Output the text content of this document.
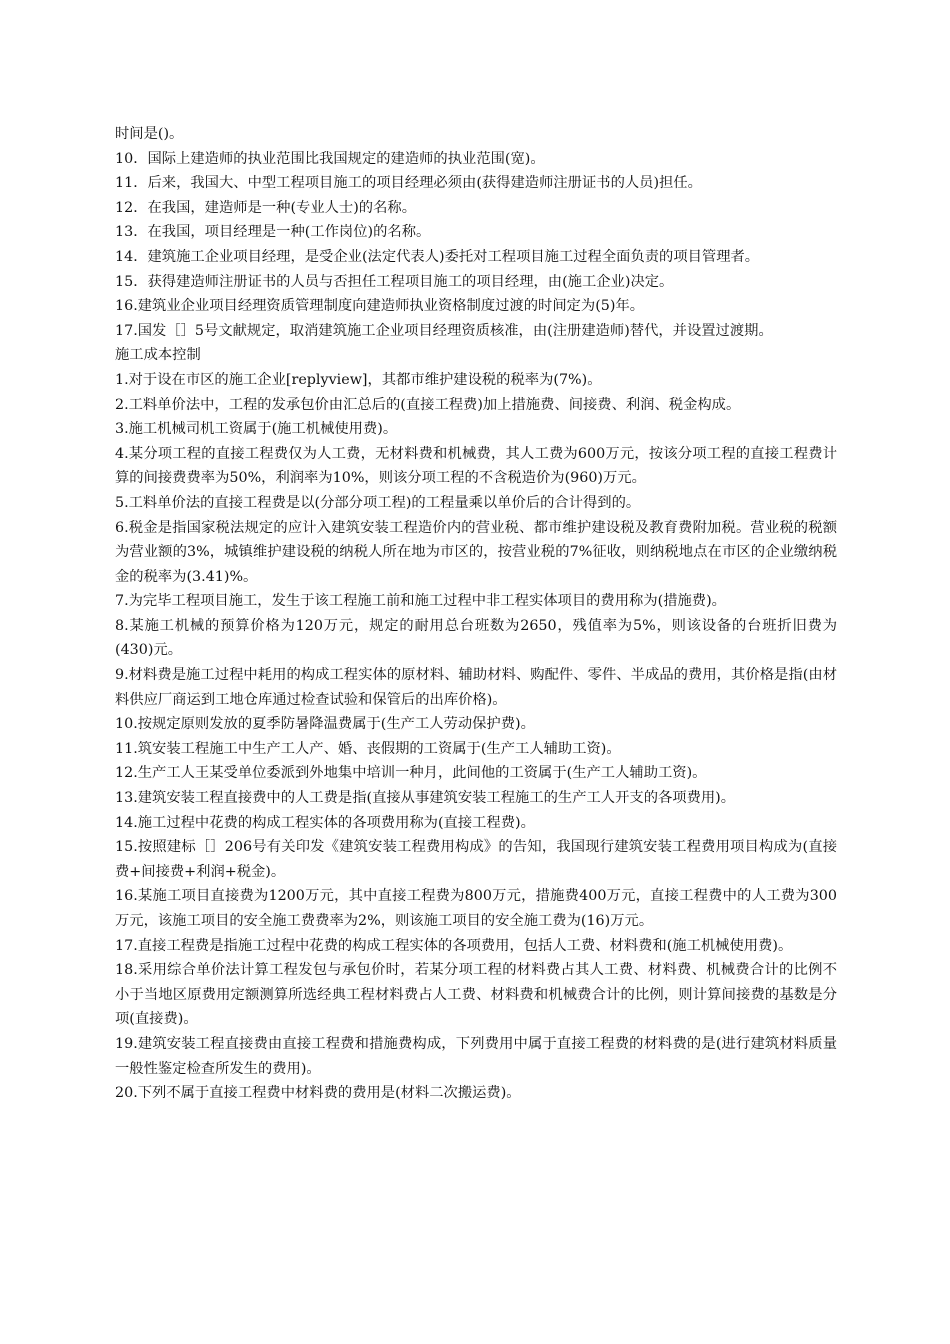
时间是()。

10．国际上建造师的执业范围比我国规定的建造师的执业范围(宽)。

11．后来，我国大、中型工程项目施工的项目经理必须由(获得建造师注册证书的人员)担任。

12．在我国，建造师是一种(专业人士)的名称。

13．在我国，项目经理是一种(工作岗位)的名称。

14．建筑施工企业项目经理，是受企业(法定代表人)委托对工程项目施工过程全面负责的项目管理者。

15．获得建造师注册证书的人员与否担任工程项目施工的项目经理，由(施工企业)决定。

16.建筑业企业项目经理资质管理制度向建造师执业资格制度过渡的时间定为(5)年。

17.国发［］5号文献规定，取消建筑施工企业项目经理资质核准，由(注册建造师)替代，并设置过渡期。

施工成本控制

1.对于设在市区的施工企业[replyview]，其都市维护建设税的税率为(7%)。

2.工料单价法中，工程的发承包价由汇总后的(直接工程费)加上措施费、间接费、利润、税金构成。

3.施工机械司机工资属于(施工机械使用费)。

4.某分项工程的直接工程费仅为人工费，无材料费和机械费，其人工费为600万元，按该分项工程的直接工程费计算的间接费费率为50%，利润率为10%，则该分项工程的不含税造价为(960)万元。

5.工料单价法的直接工程费是以(分部分项工程)的工程量乘以单价后的合计得到的。

6.税金是指国家税法规定的应计入建筑安装工程造价内的营业税、都市维护建设税及教育费附加税。营业税的税额为营业额的3%，城镇维护建设税的纳税人所在地为市区的，按营业税的7%征收，则纳税地点在市区的企业缴纳税金的税率为(3.41)%。

7.为完毕工程项目施工，发生于该工程施工前和施工过程中非工程实体项目的费用称为(措施费)。

8.某施工机械的预算价格为120万元，规定的耐用总台班数为2650，残值率为5%，则该设备的台班折旧费为(430)元。

9.材料费是施工过程中耗用的构成工程实体的原材料、辅助材料、购配件、零件、半成品的费用，其价格是指(由材料供应厂商运到工地仓库通过检查试验和保管后的出库价格)。

10.按规定原则发放的夏季防暑降温费属于(生产工人劳动保护费)。

11.筑安装工程施工中生产工人产、婚、丧假期的工资属于(生产工人辅助工资)。

12.生产工人王某受单位委派到外地集中培训一种月，此间他的工资属于(生产工人辅助工资)。

13.建筑安装工程直接费中的人工费是指(直接从事建筑安装工程施工的生产工人开支的各项费用)。

14.施工过程中花费的构成工程实体的各项费用称为(直接工程费)。

15.按照建标［］206号有关印发《建筑安装工程费用构成》的告知，我国现行建筑安装工程费用项目构成为(直接费+间接费+利润+税金)。

16.某施工项目直接费为1200万元，其中直接工程费为800万元，措施费400万元，直接工程费中的人工费为300万元，该施工项目的安全施工费费率为2%，则该施工项目的安全施工费为(16)万元。

17.直接工程费是指施工过程中花费的构成工程实体的各项费用，包括人工费、材料费和(施工机械使用费)。

18.采用综合单价法计算工程发包与承包价时，若某分项工程的材料费占其人工费、材料费、机械费合计的比例不小于当地区原费用定额测算所选经典工程材料费占人工费、材料费和机械费合计的比例，则计算间接费的基数是分项(直接费)。

19.建筑安装工程直接费由直接工程费和措施费构成，下列费用中属于直接工程费的材料费的是(进行建筑材料质量一般性鉴定检查所发生的费用)。

20.下列不属于直接工程费中材料费的费用是(材料二次搬运费)。
